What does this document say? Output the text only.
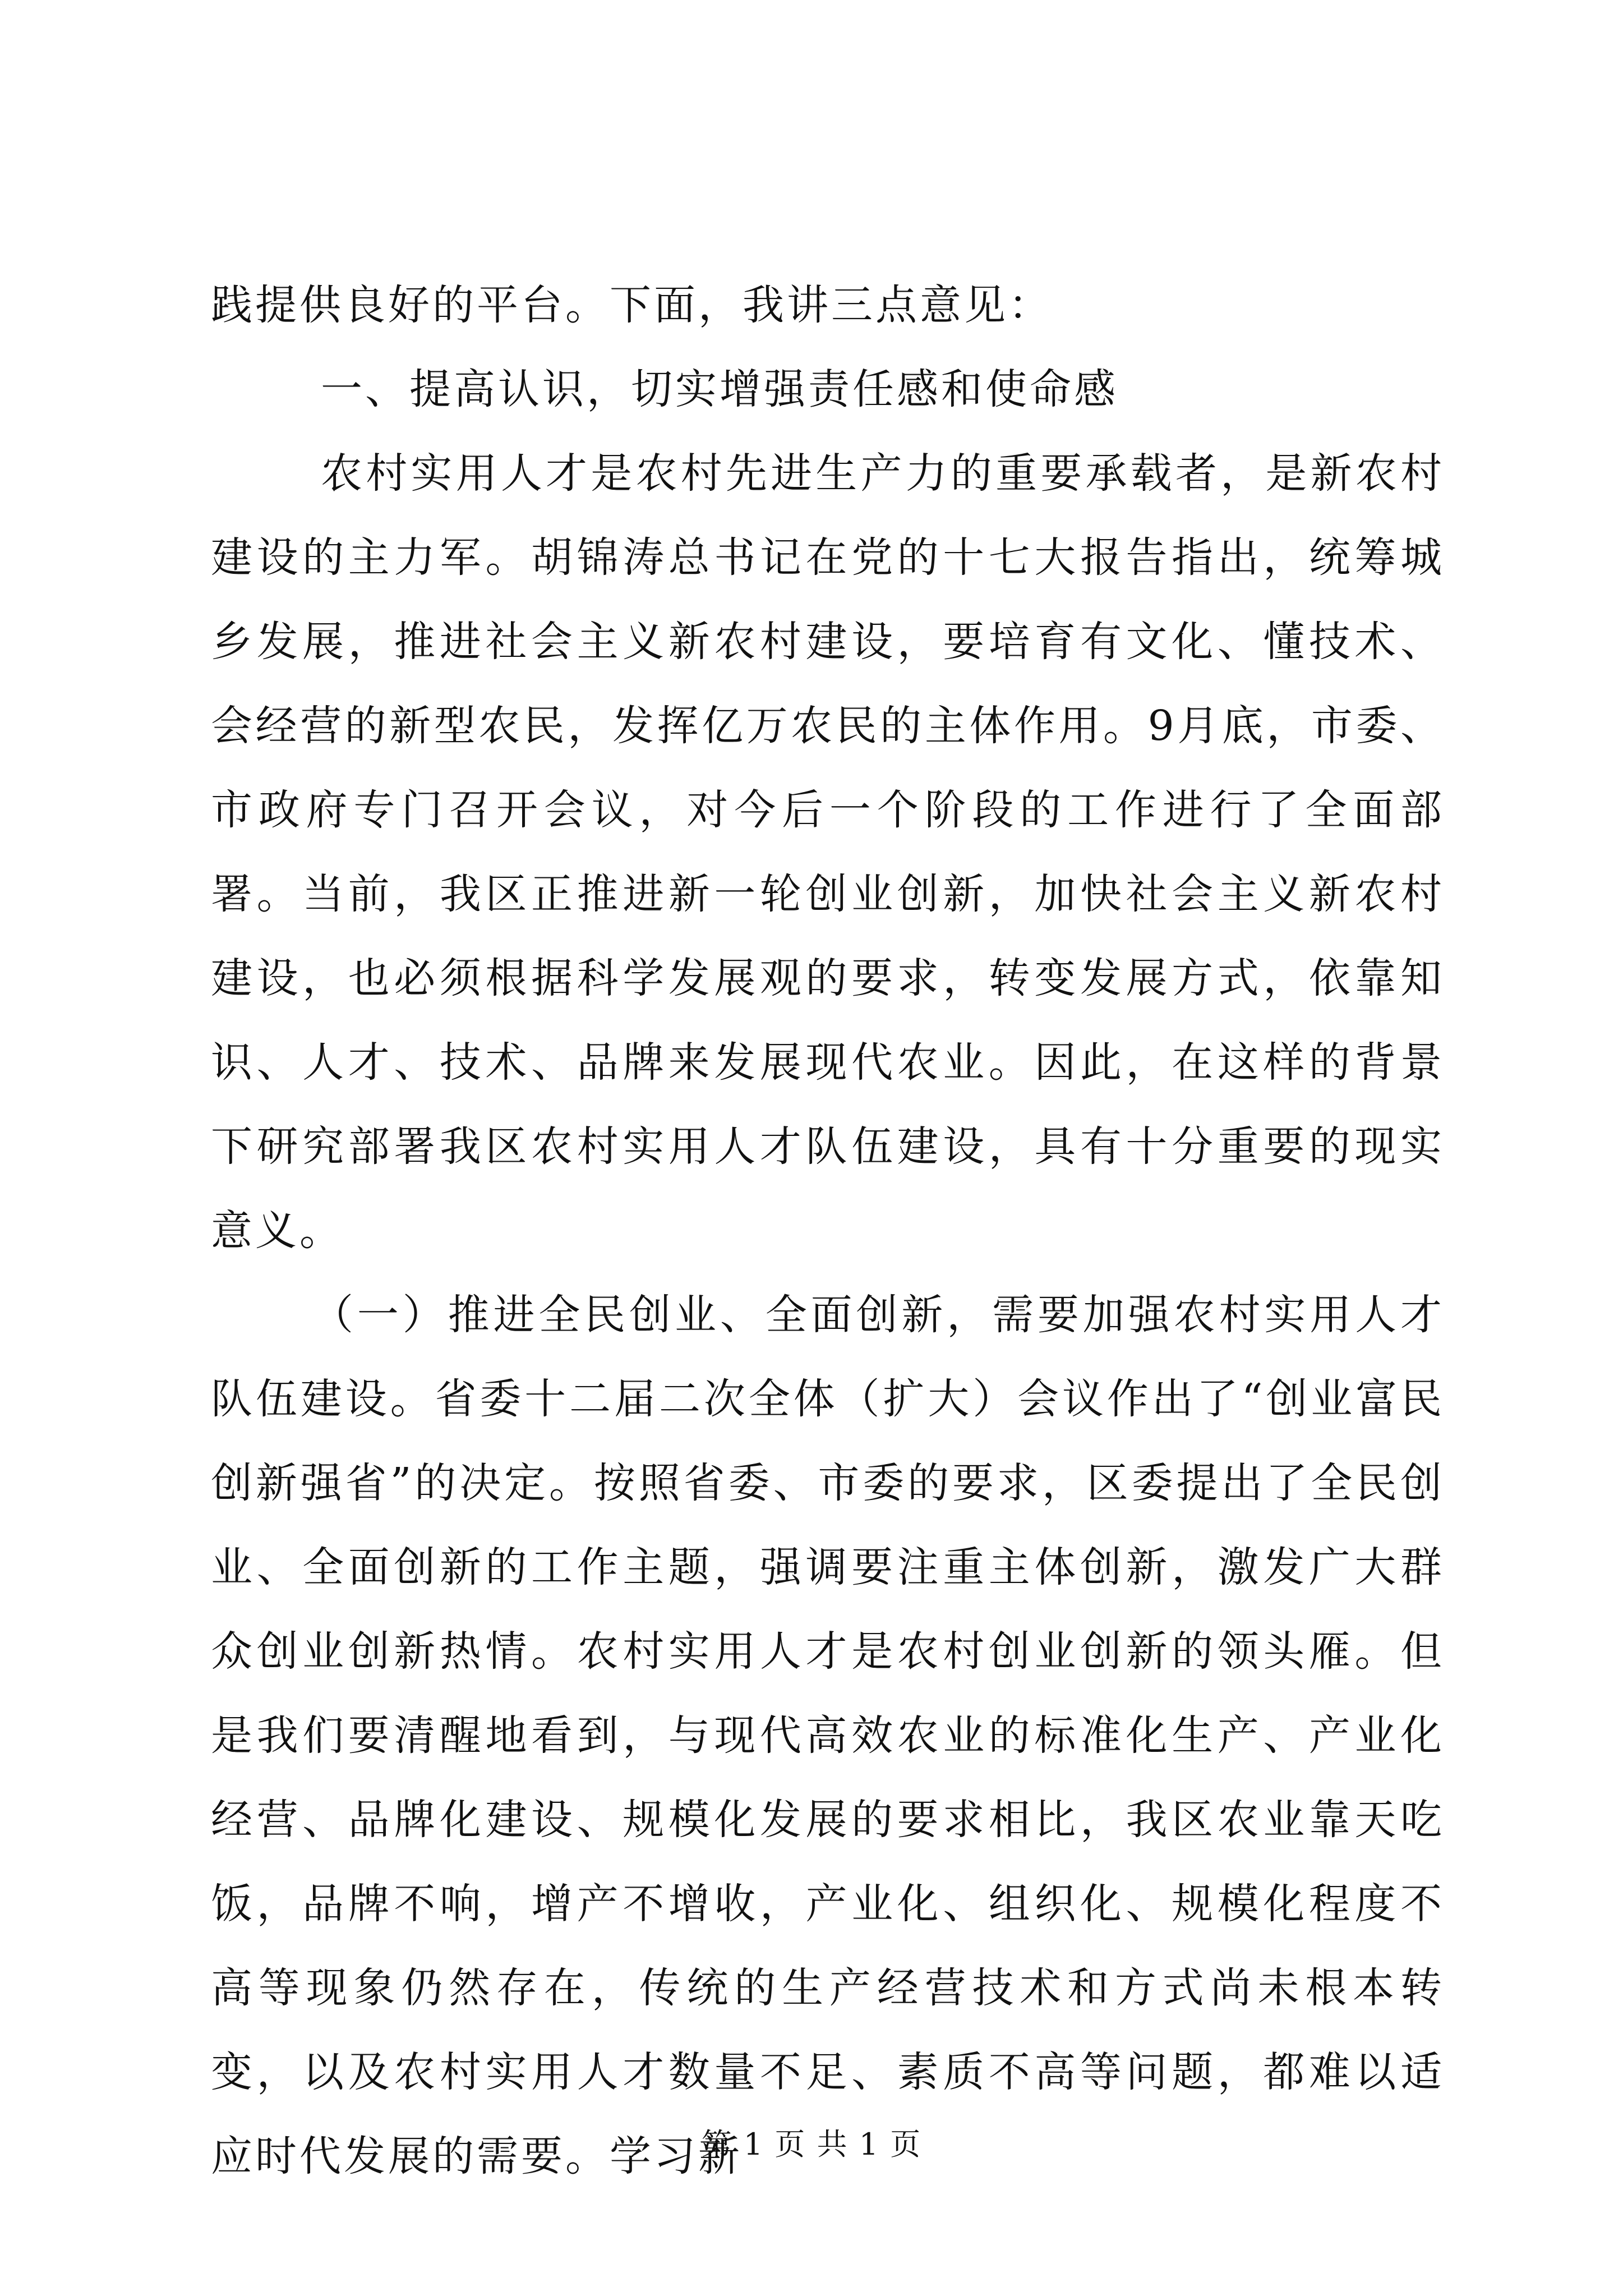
践提供良好的平台。下面，我讲三点意见：

一、提高认识，切实增强责任感和使命感

农村实用人才是农村先进生产力的重要承载者，是新农村建设的主力军。胡锦涛总书记在党的十七大报告指出，统筹城乡发展，推进社会主义新农村建设，要培育有文化、懂技术、会经营的新型农民，发挥亿万农民的主体作用。9月底，市委、市政府专门召开会议，对今后一个阶段的工作进行了全面部署。当前，我区正推进新一轮创业创新，加快社会主义新农村建设，也必须根据科学发展观的要求，转变发展方式，依靠知识、人才、技术、品牌来发展现代农业。因此，在这样的背景下研究部署我区农村实用人才队伍建设，具有十分重要的现实意义。

（一）推进全民创业、全面创新，需要加强农村实用人才队伍建设。省委十二届二次全体（扩大）会议作出了“创业富民创新强省”的决定。按照省委、市委的要求，区委提出了全民创业、全面创新的工作主题，强调要注重主体创新，激发广大群众创业创新热情。农村实用人才是农村创业创新的领头雁。但是我们要清醒地看到，与现代高效农业的标准化生产、产业化经营、品牌化建设、规模化发展的要求相比，我区农业靠天吃饭，品牌不响，增产不增收，产业化、组织化、规模化程度不高等现象仍然存在，传统的生产经营技术和方式尚未根本转变，以及农村实用人才数量不足、素质不高等问题，都难以适应时代发展的需要。学习新

第 1 页 共 1 页
